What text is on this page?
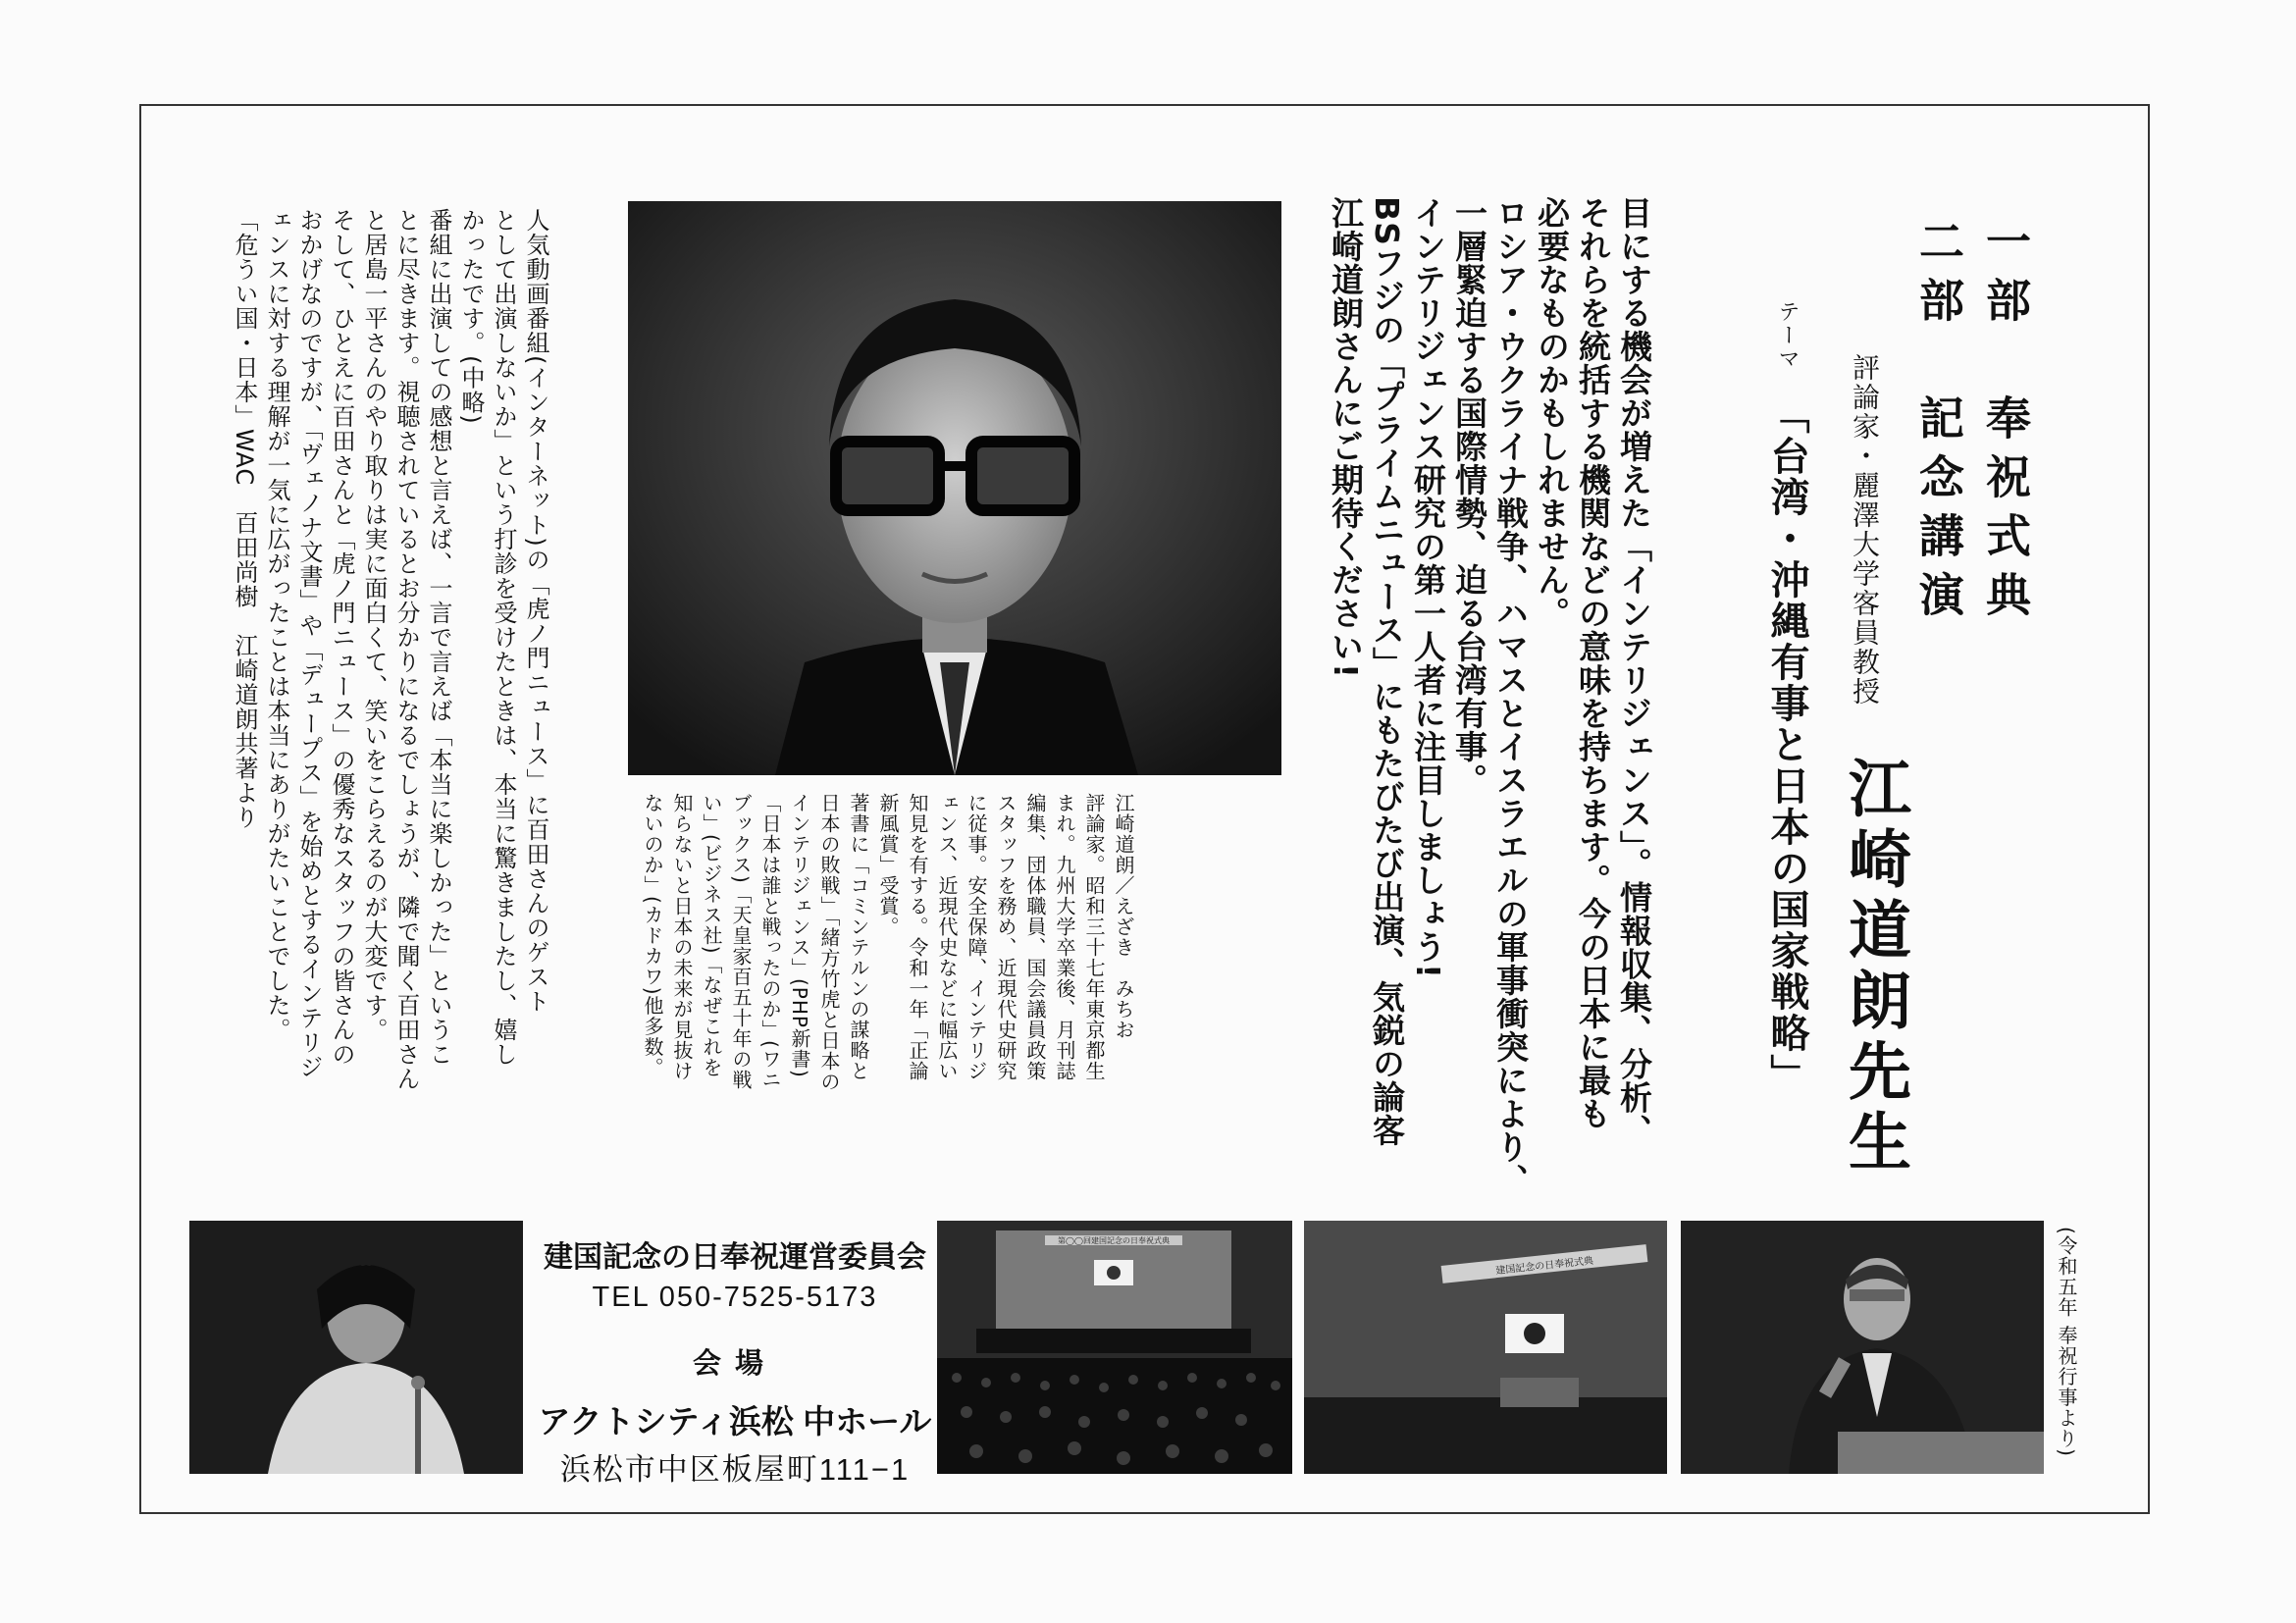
一部　奉祝式典
二部　記念講演
評論家・麗澤大学客員教授
江崎道朗先生
テーマ
「台湾・沖縄有事と日本の国家戦略」

目にする機会が増えた「インテリジェンス」。情報収集、分析、

それらを統括する機関などの意味を持ちます。今の日本に最も

必要なものかもしれません。

ロシア・ウクライナ戦争、ハマスとイスラエルの軍事衝突により、

一層緊迫する国際情勢、迫る台湾有事。

インテリジェンス研究の第一人者に注目しましょう!

BSフジの「プライムニュース」にもたびたび出演、気鋭の論客

江崎道朗さんにご期待ください!

江崎道朗／えざき　みちお

評論家。昭和三十七年東京都生

まれ。九州大学卒業後、月刊誌

編集、団体職員、国会議員政策

スタッフを務め、近現代史研究

に従事。安全保障、インテリジ

ェンス、近現代史などに幅広い

知見を有する。令和一年「正論

新風賞」受賞。

著書に「コミンテルンの謀略と

日本の敗戦」「緒方竹虎と日本の

インテリジェンス」(PHP新書)

「日本は誰と戦ったのか」(ワニ

ブックス)「天皇家百五十年の戦

い」(ビジネス社)「なぜこれを

知らないと日本の未来が見抜け

ないのか」(カドカワ)他多数。

人気動画番組(インターネット)の「虎ノ門ニュース」に百田さんのゲスト

として出演しないか」という打診を受けたときは、本当に驚きましたし、嬉し

かったです。(中略)

番組に出演しての感想と言えば、一言で言えば「本当に楽しかった」というこ

とに尽きます。視聴されているとお分かりになるでしょうが、隣で聞く百田さん

と居島一平さんのやり取りは実に面白くて、笑いをこらえるのが大変です。

そして、ひとえに百田さんと「虎ノ門ニュース」の優秀なスタッフの皆さんの

おかげなのですが、「ヴェノナ文書」や「デュープス」を始めとするインテリジ

ェンスに対する理解が一気に広がったことは本当にありがたいことでした。

「危うい国・日本」WAC　百田尚樹　江崎道朗共著より

建国記念の日奉祝運営委員会
TEL 050-7525-5173
会場
アクトシティ浜松 中ホール
浜松市中区板屋町111−1
第◯◯回建国記念の日奉祝式典
建国記念の日奉祝式典	(令和五年 奉祝行事より)
